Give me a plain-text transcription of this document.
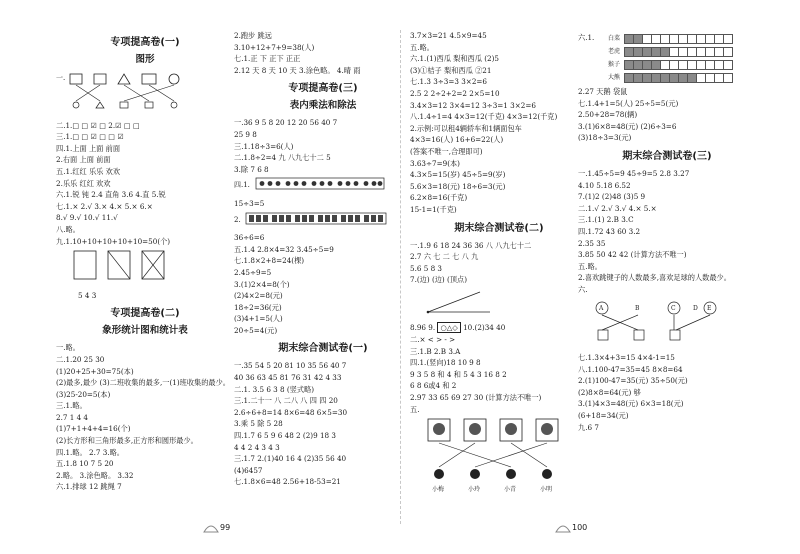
专项提高卷(一)
图形
一.
二.1.□ □ ☑ □ 2.☑ □ □
三.1.□ □ ☑ □ □ ☑
四.1.上面 上面 前面
2.右面 上面 前面
五.1.红红 乐乐 欢欢
2.乐乐 红红 欢欢
六.1.锐 钝 2.4 直角 3.6 4.直 5.锐
七.1.× 2.√ 3.× 4.× 5.× 6.×
8.√ 9.√ 10.√ 11.√
八.略。
九.1.10+10+10+10+10=50(个)
5 4 3
专项提高卷(二)
象形统计图和统计表
一.略。
二.1.20 25 30
(1)20+25+30=75(本)
(2)最多,最少 (3)二班收集的最多,一(1)班收集的最少。
(3)25-20=5(本)
三.1.略。
2.7 1 4 4
(1)7+1+4+4=16(个)
(2)长方形和三角形最多,正方形和圆形最少。
四.1.略。 2.7 3.略。
五.1.8 10 7 5 20
2.略。 3.涂色略。 3.32
六.1.排球 12 跳绳 7
2.跑步 跳远
3.10+12+7+9=38(人)
七.1.正 下 正下 正正
2.12 天 8 天 10 天 3.涂色略。 4.晴 雨
专项提高卷(三)
表内乘法和除法
一.36 9 5 8 20 12 20 56 40 7
25 9 8
三.1.18÷3=6(人)
二.1.8÷2=4 九 八九七十二 5
3.除 7 6 8
四.1.
15÷3=5
2.
36÷6=6
五.1.4 2.8×4=32 3.45÷5=9
七.1.8×2+8=24(棵)
2.45÷9=5
3.(1)2×4=8(个)
(2)4×2=8(元)
18÷2=36(元)
(3)4+1=5(人)
20÷5=4(元)
期末综合测试卷(一)
一.35 54 5 20 81 10 35 56 40 7
40 36 63 45 81 76 31 42 4 33
二.1. 3.5 6 3 8 (竖式略)
三.1.二十一 八 二八 八 四 四 20
2.6÷6+8=14 8×6=48 6×5=30
3.乘 5 除 5 28
四.1.7 6 5 9 6 48 2 (2)9 18 3
4 4 2 4 3 4 3
三.1.7 2.(1)40 16 4 (2)35 56 40
(4)6457
七.1.8×6=48 2.56+18-53=21
3.7×3=21 4.5×9=45
五.略。
六.1.(1)西瓜 梨和西瓜 (2)5
(3)①桔子 梨和西瓜 ②21
七.1.3 3÷3=3 3×2=6
2.5 2 2÷2+2=2 2×5=10
3.4×3=12 3×4=12 3÷3=1 3×2=6
八.1.4÷1=4 4×3=12(千克) 4×3=12(千克)
2.示例:可以租4辆轿车和1辆面包车
4×3=16(人) 16+6=22(人)
(答案不唯一,合理即可)
3.63÷7=9(本)
4.3×5=15(岁) 45÷5=9(岁)
5.6×3=18(元) 18÷6=3(元)
6.2×8=16(千克)
15-1=1(千克)
期末综合测试卷(二)
一.1.9 6 18 24 36 36 八 八九七十二
2.7 六 七 二 七 八 九
5.6 5 8 3
7.(边) (边) (顶点)
8.96 9. ○△◇ 10.(2)34 40
二.× < > - >
三.1.B 2.B 3.A
四.1.(竖向)18 10 9 8
9 3 5 8 和 4 和 5 4 3 16 8 2
6 8 6或4 和 2
2.97 33 65 69 27 30 (计算方法不唯一)
五.
小梅	小玲	小青	小明
六.1.	白菜
老虎
猴子
大熊
2.27 天鹅 袋鼠
七.1.4+1=5(人) 25÷5=5(元)
2.50+28=78(辆)
3.(1)6×8=48(元) (2)6÷3=6
(3)18÷3=3(元)
期末综合测试卷(三)
一.1.45÷5=9 45÷9=5 2.8 3.27
4.10 5.18 6.52
7.(1)2 (2)48 (3)5 9
二.1.√ 2.√ 3.√ 4.× 5.×
三.1.(1) 2.B 3.C
四.1.72 43 60 3.2
2.35 35
3.85 50 42 42 (计算方法不唯一)
五.略。
2.喜欢跳键子的人数最多,喜欢足球的人数最少。
六.
A	B	C	D E
七.1.3×4+3=15 4×4-1=15
八.1.100-47=35=45 8×8=64
2.(1)100-47=35(元) 35÷50(元)
(2)8×8=64(元) 够
3.(1)4×3=48(元) 6×3=18(元)
(6+18=34(元)
九.6 7
99	100
